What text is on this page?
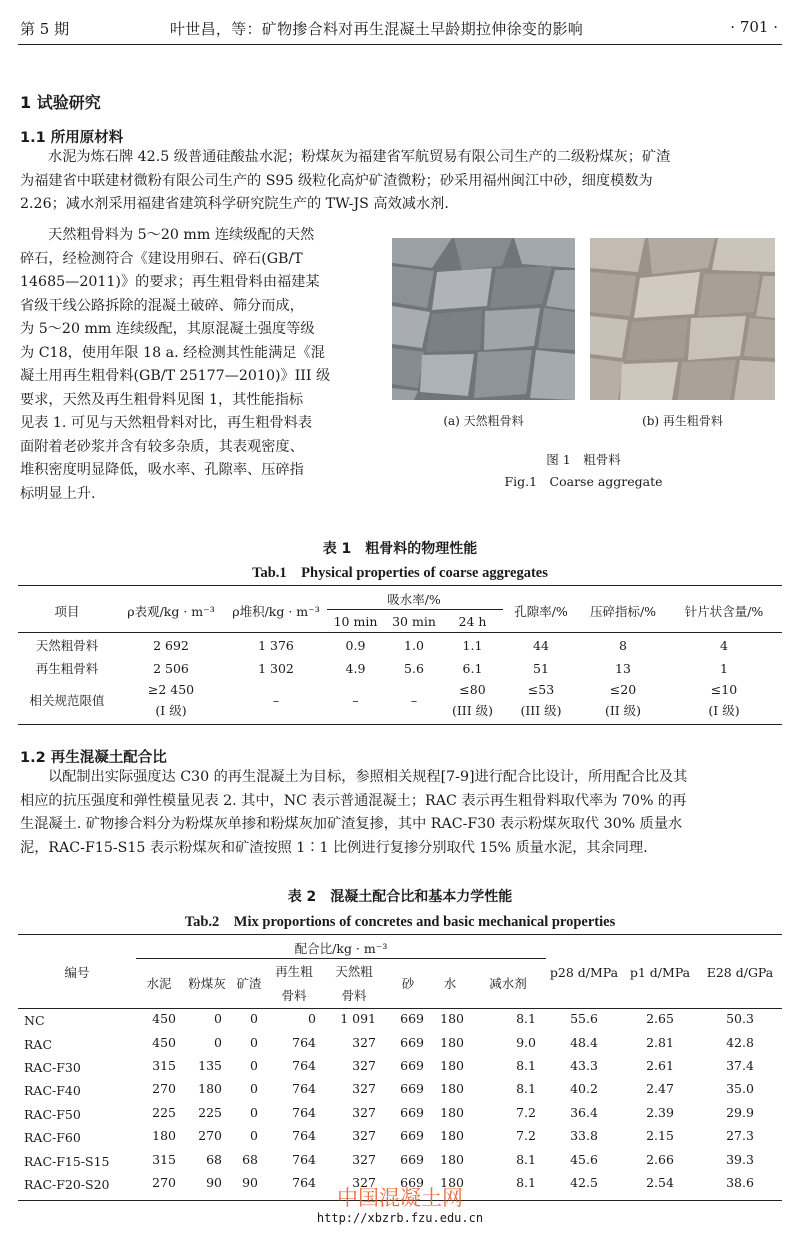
第 5 期	叶世昌，等：矿物掺合料对再生混凝土早龄期拉伸徐变的影响	· 701 ·
1 试验研究
1.1 所用原材料
水泥为炼石牌 42.5 级普通硅酸盐水泥；粉煤灰为福建省军航贸易有限公司生产的二级粉煤灰；矿渣
为福建省中联建材微粉有限公司生产的 S95 级粒化高炉矿渣微粉；砂采用福州闽江中砂，细度模数为
2.26；减水剂采用福建省建筑科学研究院生产的 TW-JS 高效减水剂.
天然粗骨料为 5～20 mm 连续级配的天然
碎石，经检测符合《建设用卵石、碎石(GB/T
14685—2011)》的要求；再生粗骨料由福建某
省级干线公路拆除的混凝土破碎、筛分而成，
为 5～20 mm 连续级配，其原混凝土强度等级
为 C18，使用年限 18 a. 经检测其性能满足《混
凝土用再生粗骨料(GB/T 25177—2010)》III 级
要求，天然及再生粗骨料见图 1，其性能指标
见表 1. 可见与天然粗骨料对比，再生粗骨料表
面附着老砂浆并含有较多杂质，其表观密度、
堆积密度明显降低，吸水率、孔隙率、压碎指
标明显上升.
(a) 天然粗骨料	(b) 再生粗骨料
图 1　粗骨料
Fig.1　Coarse aggregate
表 1　粗骨料的物理性能
Tab.1　Physical properties of coarse aggregates
项目	ρ表观/kg · m⁻³	ρ堆积/kg · m⁻³	吸水率/%			孔隙率/%	压碎指标/%	针片状含量/%
			10 min	30 min	24 h			
天然粗骨料	2 692	1 376	0.9	1.0	1.1	44	8	4
再生粗骨料	2 506	1 302	4.9	5.6	6.1	51	13	1
相关规范限值	≥2 450	–	–	–	≤80	≤53	≤20	≤10
	(I 级)				(III 级)	(III 级)	(II 级)	(I 级)
1.2 再生混凝土配合比
以配制出实际强度达 C30 的再生混凝土为目标，参照相关规程[7-9]进行配合比设计，所用配合比及其
相应的抗压强度和弹性模量见表 2. 其中，NC 表示普通混凝土；RAC 表示再生粗骨料取代率为 70% 的再
生混凝土. 矿物掺合料分为粉煤灰单掺和粉煤灰加矿渣复掺，其中 RAC-F30 表示粉煤灰取代 30% 质量水
泥，RAC-F15-S15 表示粉煤灰和矿渣按照 1∶1 比例进行复掺分别取代 15% 质量水泥，其余同理.
表 2　混凝土配合比和基本力学性能
Tab.2　Mix proportions of concretes and basic mechanical properties
编号	配合比/kg · m⁻³								p28 d/MPa	p1 d/MPa	E28 d/GPa
	水泥	粉煤灰	矿渣	再生粗	天然粗	砂	水	减水剂			
				骨料	骨料						
NC	450	0	0	0	1 091	669	180	8.1	55.6	2.65	50.3
RAC	450	0	0	764	327	669	180	9.0	48.4	2.81	42.8
RAC-F30	315	135	0	764	327	669	180	8.1	43.3	2.61	37.4
RAC-F40	270	180	0	764	327	669	180	8.1	40.2	2.47	35.0
RAC-F50	225	225	0	764	327	669	180	7.2	36.4	2.39	29.9
RAC-F60	180	270	0	764	327	669	180	7.2	33.8	2.15	27.3
RAC-F15-S15	315	68	68	764	327	669	180	8.1	45.6	2.66	39.3
RAC-F20-S20	270	90	90	764	327	669	180	8.1	42.5	2.54	38.6
中国混凝土网
http://xbzrb.fzu.edu.cn
